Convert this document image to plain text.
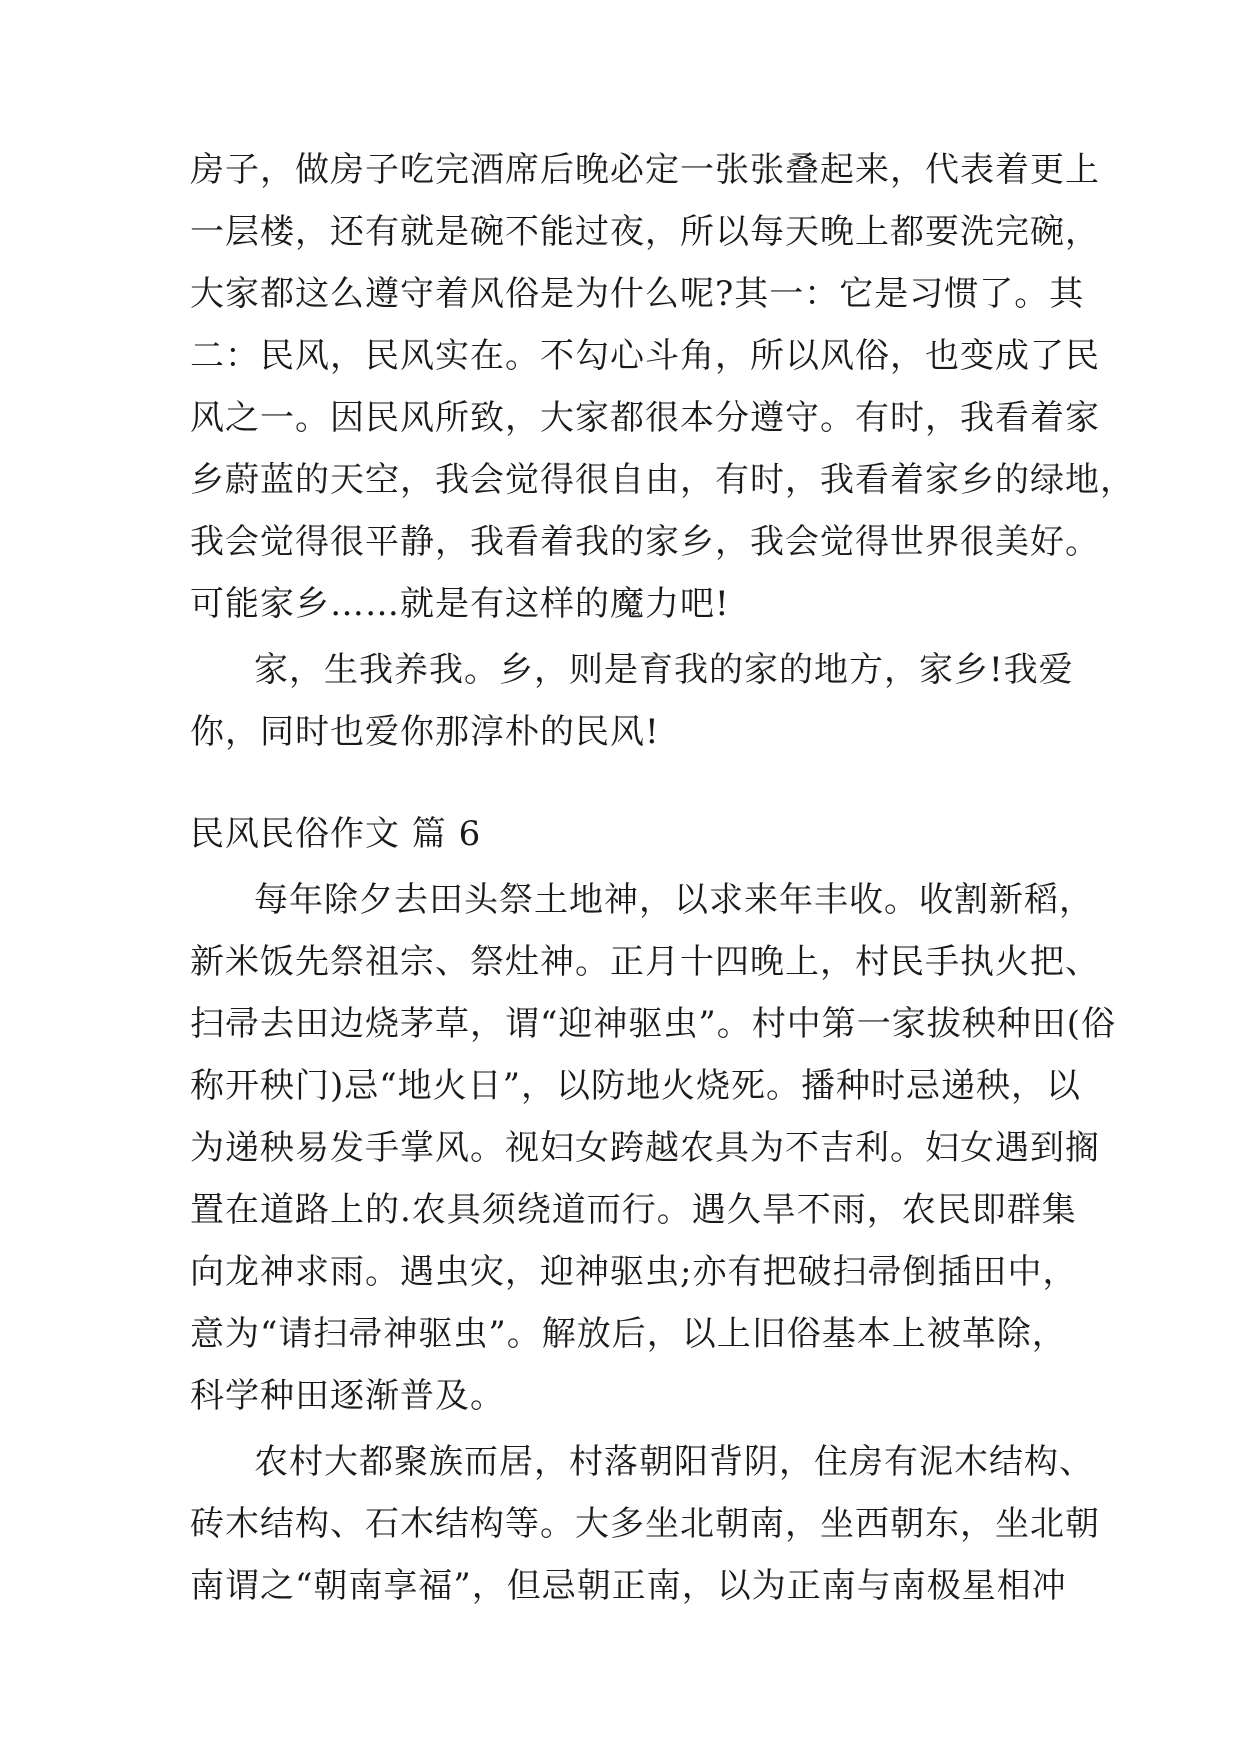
房子，做房子吃完酒席后晚必定一张张叠起来，代表着更上
一层楼，还有就是碗不能过夜，所以每天晚上都要洗完碗，
大家都这么遵守着风俗是为什么呢?其一：它是习惯了。其
二：民风，民风实在。不勾心斗角，所以风俗，也变成了民
风之一。因民风所致，大家都很本分遵守。有时，我看着家
乡蔚蓝的天空，我会觉得很自由，有时，我看着家乡的绿地，
我会觉得很平静，我看着我的家乡，我会觉得世界很美好。
可能家乡……就是有这样的魔力吧!
家，生我养我。乡，则是育我的家的地方，家乡!我爱
你，同时也爱你那淳朴的民风!
民风民俗作文 篇 6
每年除夕去田头祭土地神，以求来年丰收。收割新稻，
新米饭先祭祖宗、祭灶神。正月十四晚上，村民手执火把、
扫帚去田边烧茅草，谓“迎神驱虫”。村中第一家拔秧种田(俗
称开秧门)忌“地火日”，以防地火烧死。播种时忌递秧，以
为递秧易发手掌风。视妇女跨越农具为不吉利。妇女遇到搁
置在道路上的.农具须绕道而行。遇久旱不雨，农民即群集
向龙神求雨。遇虫灾，迎神驱虫;亦有把破扫帚倒插田中，
意为“请扫帚神驱虫”。解放后，以上旧俗基本上被革除，
科学种田逐渐普及。
农村大都聚族而居，村落朝阳背阴，住房有泥木结构、
砖木结构、石木结构等。大多坐北朝南，坐西朝东，坐北朝
南谓之“朝南享福”，但忌朝正南，以为正南与南极星相冲
